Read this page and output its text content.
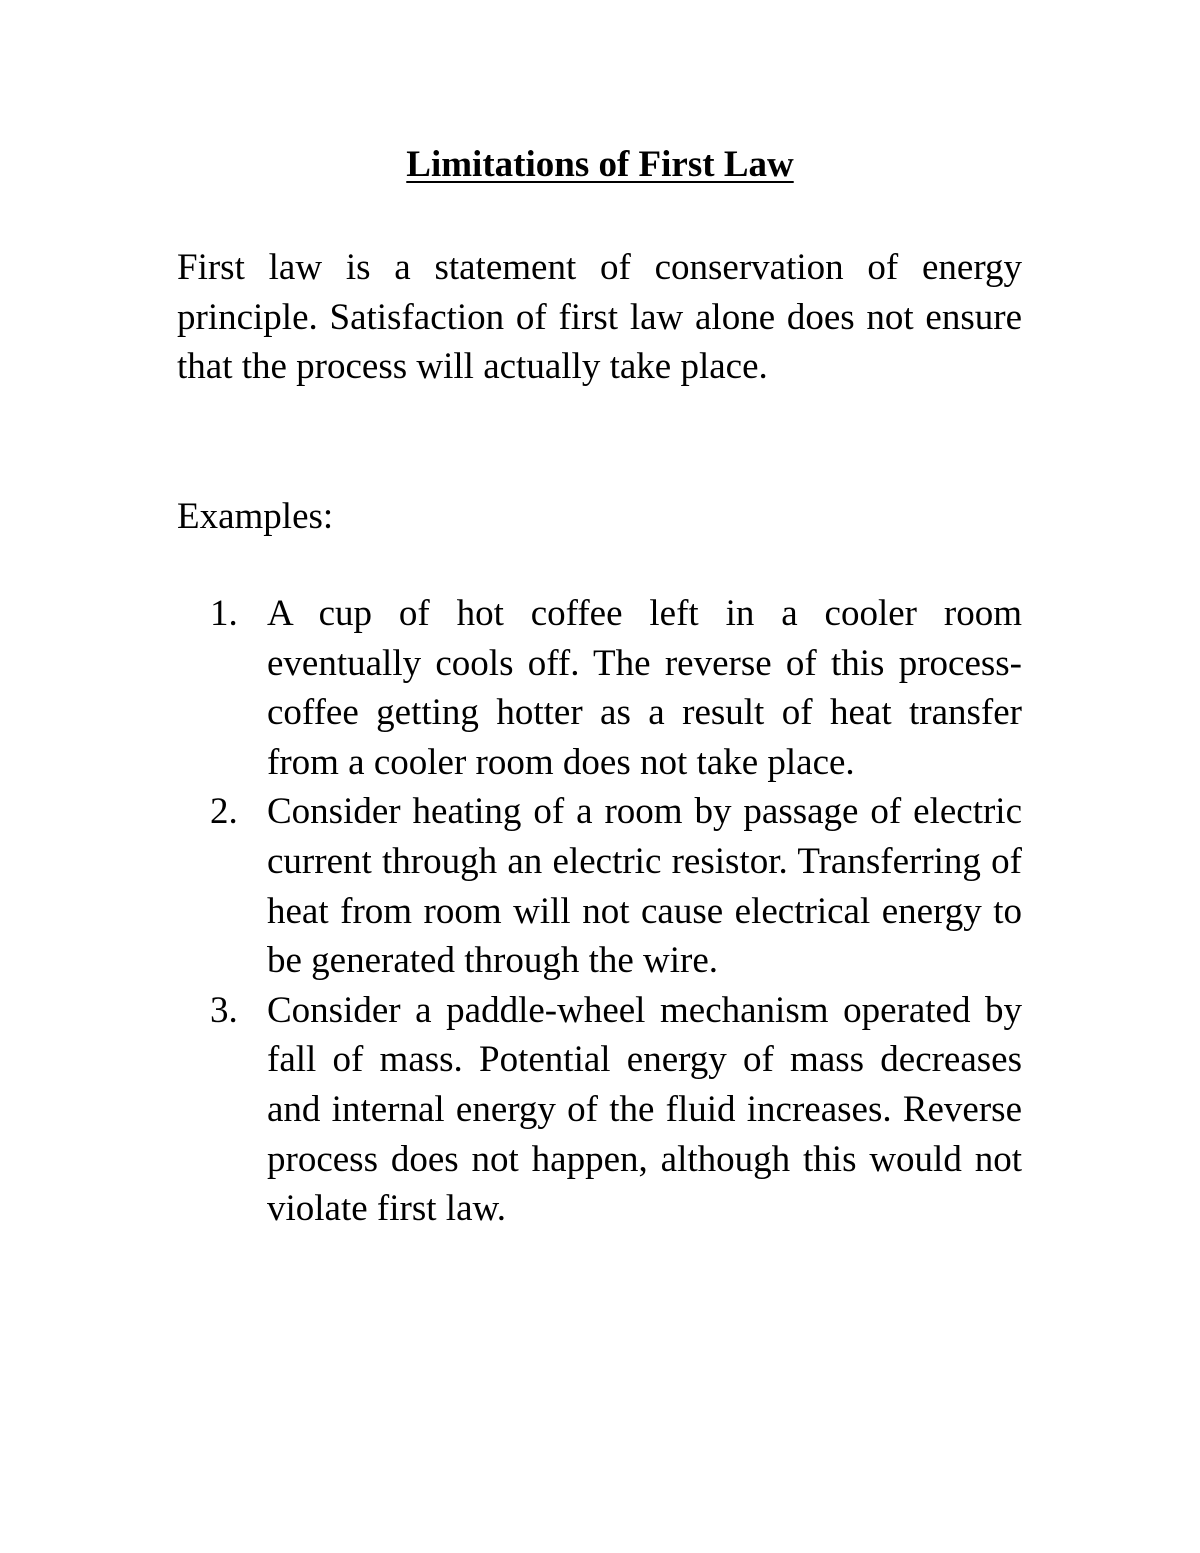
Limitations of First Law

First law is a statement of conservation of energy principle. Satisfaction of first law alone does not ensure that the process will actually take place.

Examples:

1. A cup of hot coffee left in a cooler room eventually cools off. The reverse of this process- coffee getting hotter as a result of heat transfer from a cooler room does not take place.

2. Consider heating of a room by passage of electric current through an electric resistor. Transferring of heat from room will not cause electrical energy to be generated through the wire.

3. Consider a paddle-wheel mechanism operated by fall of mass. Potential energy of mass decreases and internal energy of the fluid increases. Reverse process does not happen, although this would not violate first law.
